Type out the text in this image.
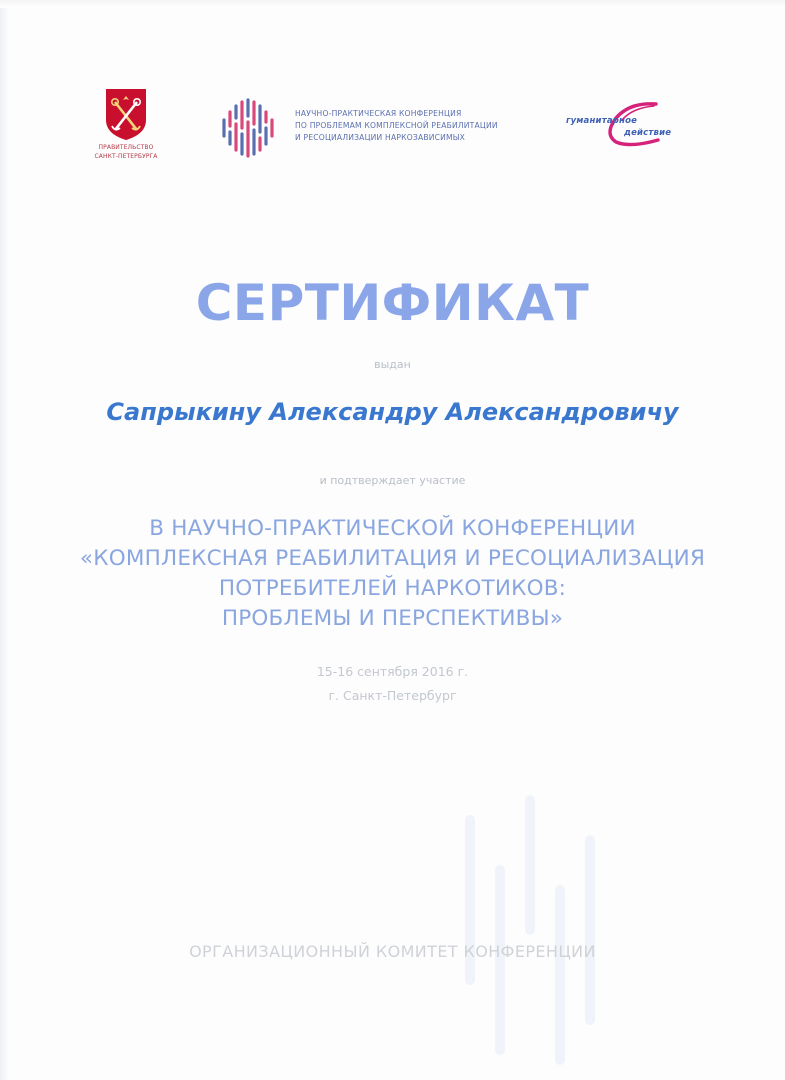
ПРАВИТЕЛЬСТВО
САНКТ-ПЕТЕРБУРГА
НАУЧНО-ПРАКТИЧЕСКАЯ КОНФЕРЕНЦИЯ
ПО ПРОБЛЕМАМ КОМПЛЕКСНОЙ РЕАБИЛИТАЦИИ
И РЕСОЦИАЛИЗАЦИИ НАРКОЗАВИСИМЫХ
гуманитарное
действие
СЕРТИФИКАТ
выдан
Сапрыкину Александру Александровичу
и подтверждает участие
В НАУЧНО-ПРАКТИЧЕСКОЙ КОНФЕРЕНЦИИ
«КОМПЛЕКСНАЯ РЕАБИЛИТАЦИЯ И РЕСОЦИАЛИЗАЦИЯ
ПОТРЕБИТЕЛЕЙ НАРКОТИКОВ:
ПРОБЛЕМЫ И ПЕРСПЕКТИВЫ»
15-16 сентября 2016 г.
г. Санкт-Петербург
ОРГАНИЗАЦИОННЫЙ КОМИТЕТ КОНФЕРЕНЦИИ
